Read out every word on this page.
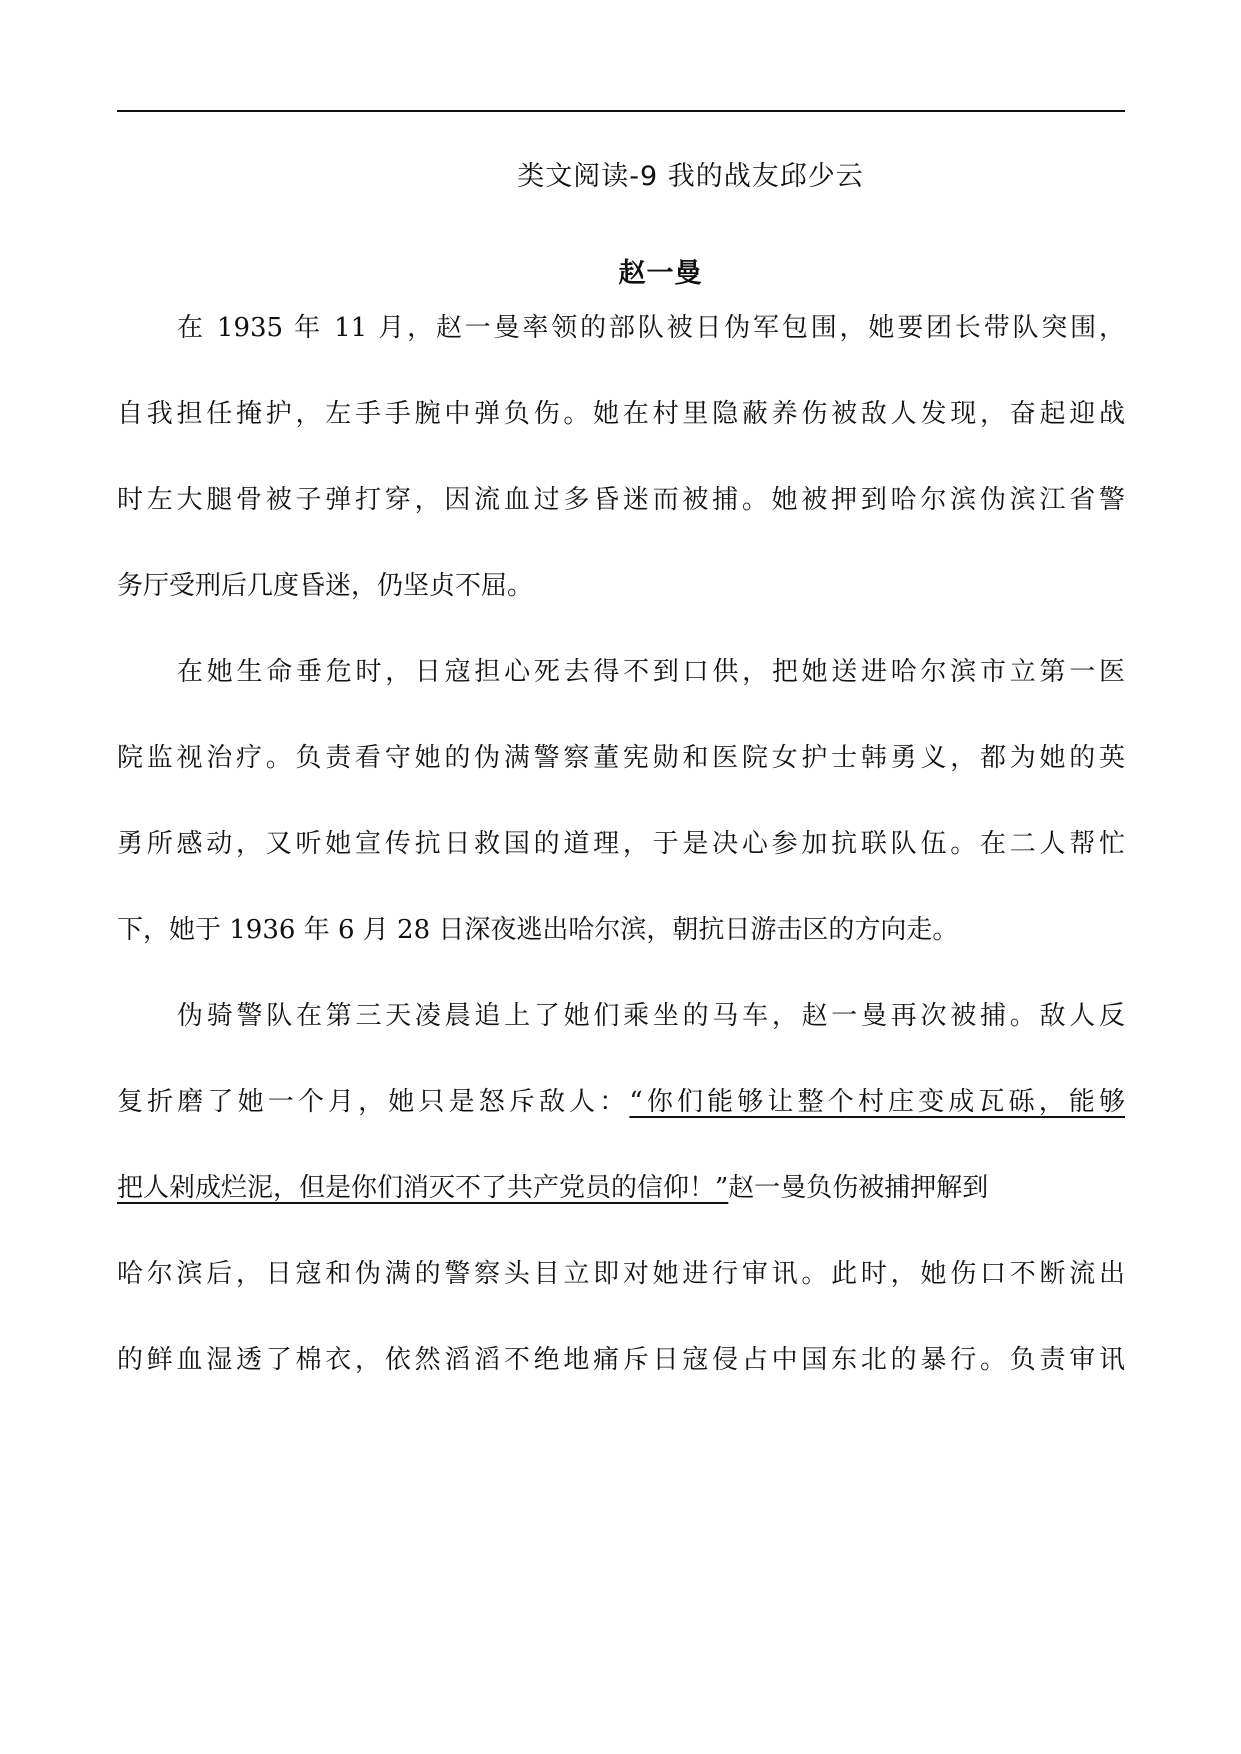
类文阅读-9 我的战友邱少云
赵一曼
在 1935 年 11 月，赵一曼率领的部队被日伪军包围，她要团长带队突围，
自我担任掩护，左手手腕中弹负伤。她在村里隐蔽养伤被敌人发现，奋起迎战
时左大腿骨被子弹打穿，因流血过多昏迷而被捕。她被押到哈尔滨伪滨江省警
务厅受刑后几度昏迷，仍坚贞不屈。
在她生命垂危时，日寇担心死去得不到口供，把她送进哈尔滨市立第一医
院监视治疗。负责看守她的伪满警察董宪勋和医院女护士韩勇义，都为她的英
勇所感动，又听她宣传抗日救国的道理，于是决心参加抗联队伍。在二人帮忙
下，她于 1936 年 6 月 28 日深夜逃出哈尔滨，朝抗日游击区的方向走。
伪骑警队在第三天凌晨追上了她们乘坐的马车，赵一曼再次被捕。敌人反
复折磨了她一个月，她只是怒斥敌人：“你们能够让整个村庄变成瓦砾，能够
把人剁成烂泥，但是你们消灭不了共产党员的信仰！”赵一曼负伤被捕押解到
哈尔滨后，日寇和伪满的警察头目立即对她进行审讯。此时，她伤口不断流出
的鲜血湿透了棉衣，依然滔滔不绝地痛斥日寇侵占中国东北的暴行。负责审讯
